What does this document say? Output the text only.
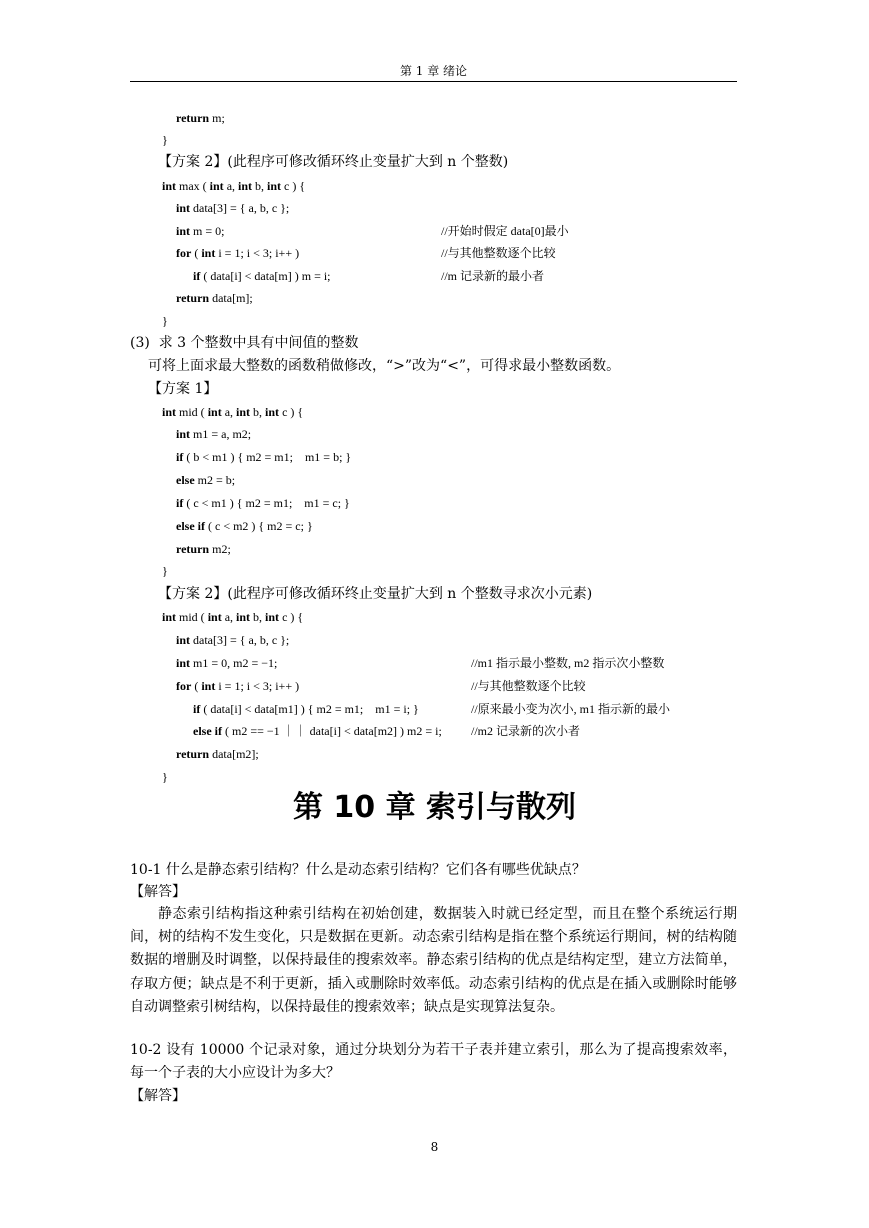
第 1 章 绪论
return m;
}
【方案 2】(此程序可修改循环终止变量扩大到 n 个整数)
int max ( int a, int b, int c ) {
int data[3] = { a, b, c };
int m = 0;
for ( int i = 1; i < 3; i++ )
if ( data[i] < data[m] ) m = i;
return data[m];
}
(3)  求 3 个整数中具有中间值的整数
可将上面求最大整数的函数稍做修改，“>”改为“<”，可得求最小整数函数。
【方案 1】
int mid ( int a, int b, int c ) {
int m1 = a, m2;
if ( b < m1 ) { m2 = m1;    m1 = b; }
else m2 = b;
if ( c < m1 ) { m2 = m1;    m1 = c; }
else if ( c < m2 ) { m2 = c; }
return m2;
}
【方案 2】(此程序可修改循环终止变量扩大到 n 个整数寻求次小元素)
int mid ( int a, int b, int c ) {
int data[3] = { a, b, c };
int m1 = 0, m2 = −1;
for ( int i = 1; i < 3; i++ )
if ( data[i] < data[m1] ) { m2 = m1;    m1 = i; }
else if ( m2 == −1 ｜｜ data[i] < data[m2] ) m2 = i;
return data[m2];
}
//开始时假定 data[0]最小
//与其他整数逐个比较
//m 记录新的最小者
//m1 指示最小整数, m2 指示次小整数
//与其他整数逐个比较
//原来最小变为次小, m1 指示新的最小
//m2 记录新的次小者
第 10 章 索引与散列
10-1 什么是静态索引结构？什么是动态索引结构？它们各有哪些优缺点？
【解答】
静态索引结构指这种索引结构在初始创建，数据装入时就已经定型，而且在整个系统运行期间，树的结构不发生变化，只是数据在更新。动态索引结构是指在整个系统运行期间，树的结构随数据的增删及时调整，以保持最佳的搜索效率。静态索引结构的优点是结构定型，建立方法简单，存取方便；缺点是不利于更新，插入或删除时效率低。动态索引结构的优点是在插入或删除时能够自动调整索引树结构，以保持最佳的搜索效率；缺点是实现算法复杂。
10-2 设有 10000 个记录对象，通过分块划分为若干子表并建立索引，那么为了提高搜索效率，每一个子表的大小应设计为多大？
【解答】
8
